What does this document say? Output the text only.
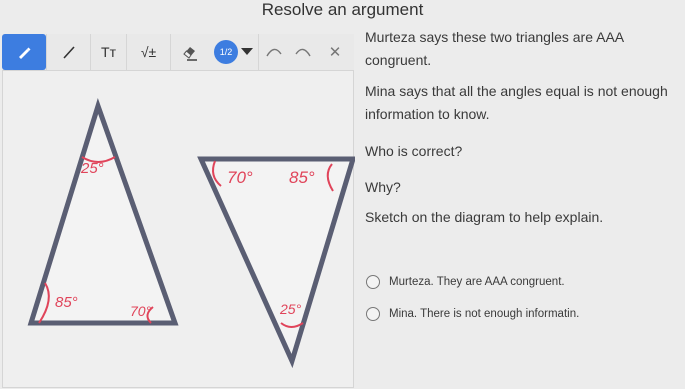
Resolve an argument
Tт √±	1/2	✕
25°
85°	70°
70° 85°
25°
Murteza says these two triangles are AAA
congruent.
Mina says that all the angles equal is not enough
information to know.
Who is correct?
Why?
Sketch on the diagram to help explain.
Murteza. They are AAA congruent.
Mina. There is not enough informatin.
